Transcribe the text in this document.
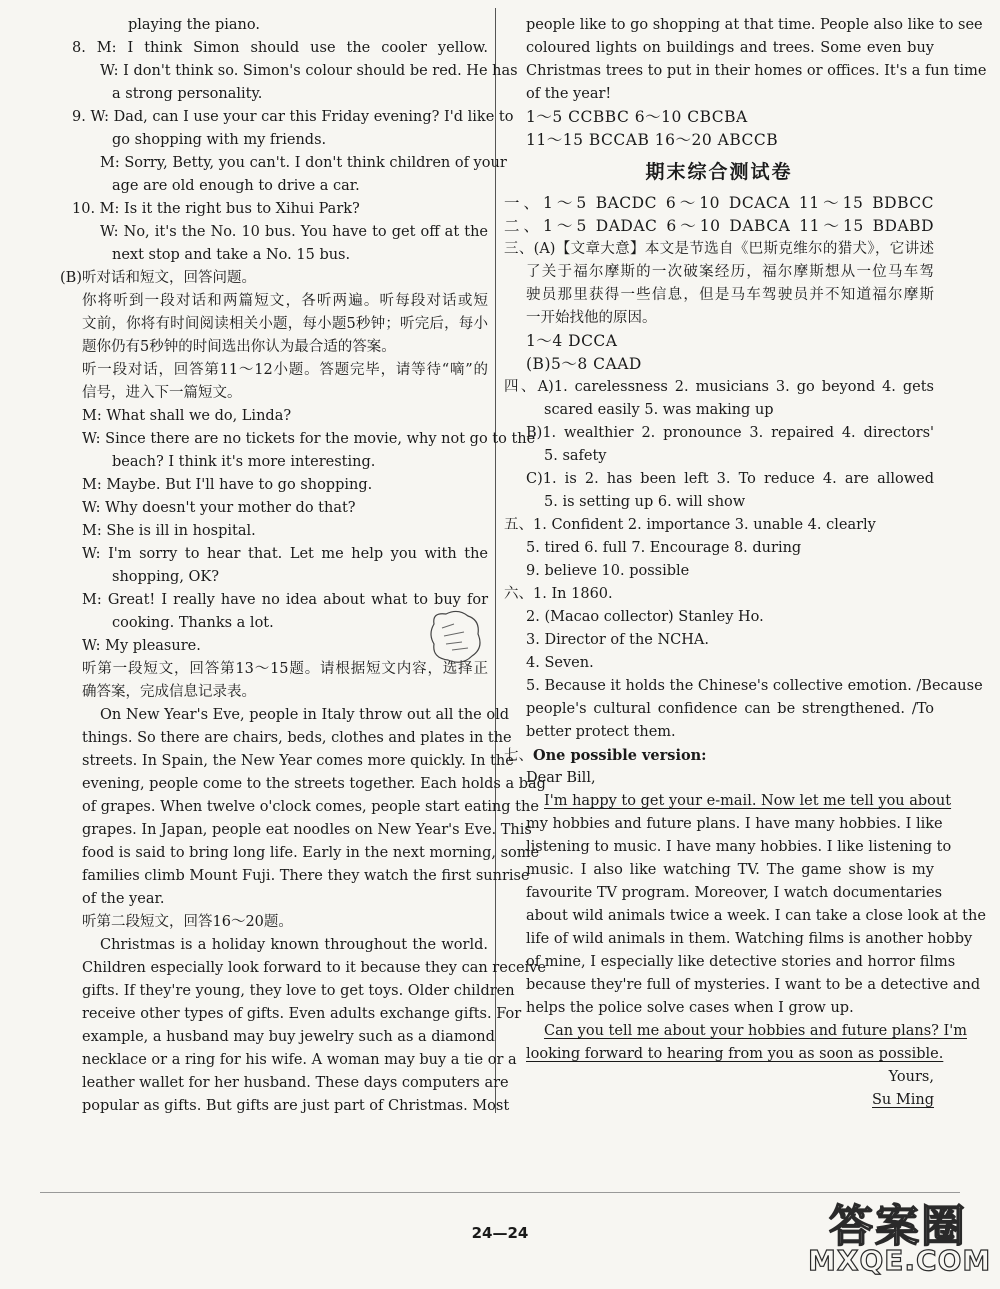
playing the piano.
8. M: I think Simon should use the cooler yellow.
W: I don't think so. Simon's colour should be red. He has
a strong personality.
9. W: Dad, can I use your car this Friday evening? I'd like to
go shopping with my friends.
M: Sorry, Betty, you can't. I don't think children of your
age are old enough to drive a car.
10. M: Is it the right bus to Xihui Park?
W: No, it's the No. 10 bus. You have to get off at the
next stop and take a No. 15 bus.
(B)听对话和短文，回答问题。
你将听到一段对话和两篇短文，各听两遍。听每段对话或短
文前，你将有时间阅读相关小题，每小题5秒钟；听完后，每小
题你仍有5秒钟的时间选出你认为最合适的答案。
听一段对话，回答第11～12小题。答题完毕，请等待“嘀”的
信号，进入下一篇短文。
M: What shall we do, Linda?
W: Since there are no tickets for the movie, why not go to the
beach? I think it's more interesting.
M: Maybe. But I'll have to go shopping.
W: Why doesn't your mother do that?
M: She is ill in hospital.
W: I'm sorry to hear that. Let me help you with the
shopping, OK?
M: Great! I really have no idea about what to buy for
cooking. Thanks a lot.
W: My pleasure.
听第一段短文，回答第13～15题。请根据短文内容，选择正
确答案，完成信息记录表。
On New Year's Eve, people in Italy throw out all the old
things. So there are chairs, beds, clothes and plates in the
streets. In Spain, the New Year comes more quickly. In the
evening, people come to the streets together. Each holds a bag
of grapes. When twelve o'clock comes, people start eating the
grapes. In Japan, people eat noodles on New Year's Eve. This
food is said to bring long life. Early in the next morning, some
families climb Mount Fuji. There they watch the first sunrise
of the year.
听第二段短文，回答16～20题。
Christmas is a holiday known throughout the world.
Children especially look forward to it because they can receive
gifts. If they're young, they love to get toys. Older children
receive other types of gifts. Even adults exchange gifts. For
example, a husband may buy jewelry such as a diamond
necklace or a ring for his wife. A woman may buy a tie or a
leather wallet for her husband. These days computers are
popular as gifts. But gifts are just part of Christmas. Most
people like to go shopping at that time. People also like to see
coloured lights on buildings and trees. Some even buy
Christmas trees to put in their homes or offices. It's a fun time
of the year!
1～5 CCBBC 6～10 CBCBA
11～15 BCCAB 16～20 ABCCB
期末综合测试卷
一、1～5 BACDC 6～10 DCACA 11～15 BDBCC
二、1～5 DADAC 6～10 DABCA 11～15 BDABD
三、(A)【文章大意】本文是节选自《巴斯克维尔的猎犬》，它讲述
了关于福尔摩斯的一次破案经历，福尔摩斯想从一位马车驾
驶员那里获得一些信息，但是马车驾驶员并不知道福尔摩斯
一开始找他的原因。
1～4 DCCA
(B)5～8 CAAD
四、A)1. carelessness 2. musicians 3. go beyond 4. gets
scared easily 5. was making up
B)1. wealthier 2. pronounce 3. repaired 4. directors'
5. safety
C)1. is 2. has been left 3. To reduce 4. are allowed
5. is setting up 6. will show
五、1. Confident 2. importance 3. unable 4. clearly
5. tired 6. full 7. Encourage 8. during
9. believe 10. possible
六、1. In 1860.
2. (Macao collector) Stanley Ho.
3. Director of the NCHA.
4. Seven.
5. Because it holds the Chinese's collective emotion. /Because
people's cultural confidence can be strengthened. /To
better protect them.
七、One possible version:
Dear Bill,
I'm happy to get your e-mail. Now let me tell you about
my hobbies and future plans. I have many hobbies. I like
listening to music. I have many hobbies. I like listening to
music. I also like watching TV. The game show is my
favourite TV program. Moreover, I watch documentaries
about wild animals twice a week. I can take a close look at the
life of wild animals in them. Watching films is another hobby
of mine, I especially like detective stories and horror films
because they're full of mysteries. I want to be a detective and
helps the police solve cases when I grow up.
Can you tell me about your hobbies and future plans? I'm
looking forward to hearing from you as soon as possible.
Yours,
Su Ming
24—24	答案圈
MXQE.COM
